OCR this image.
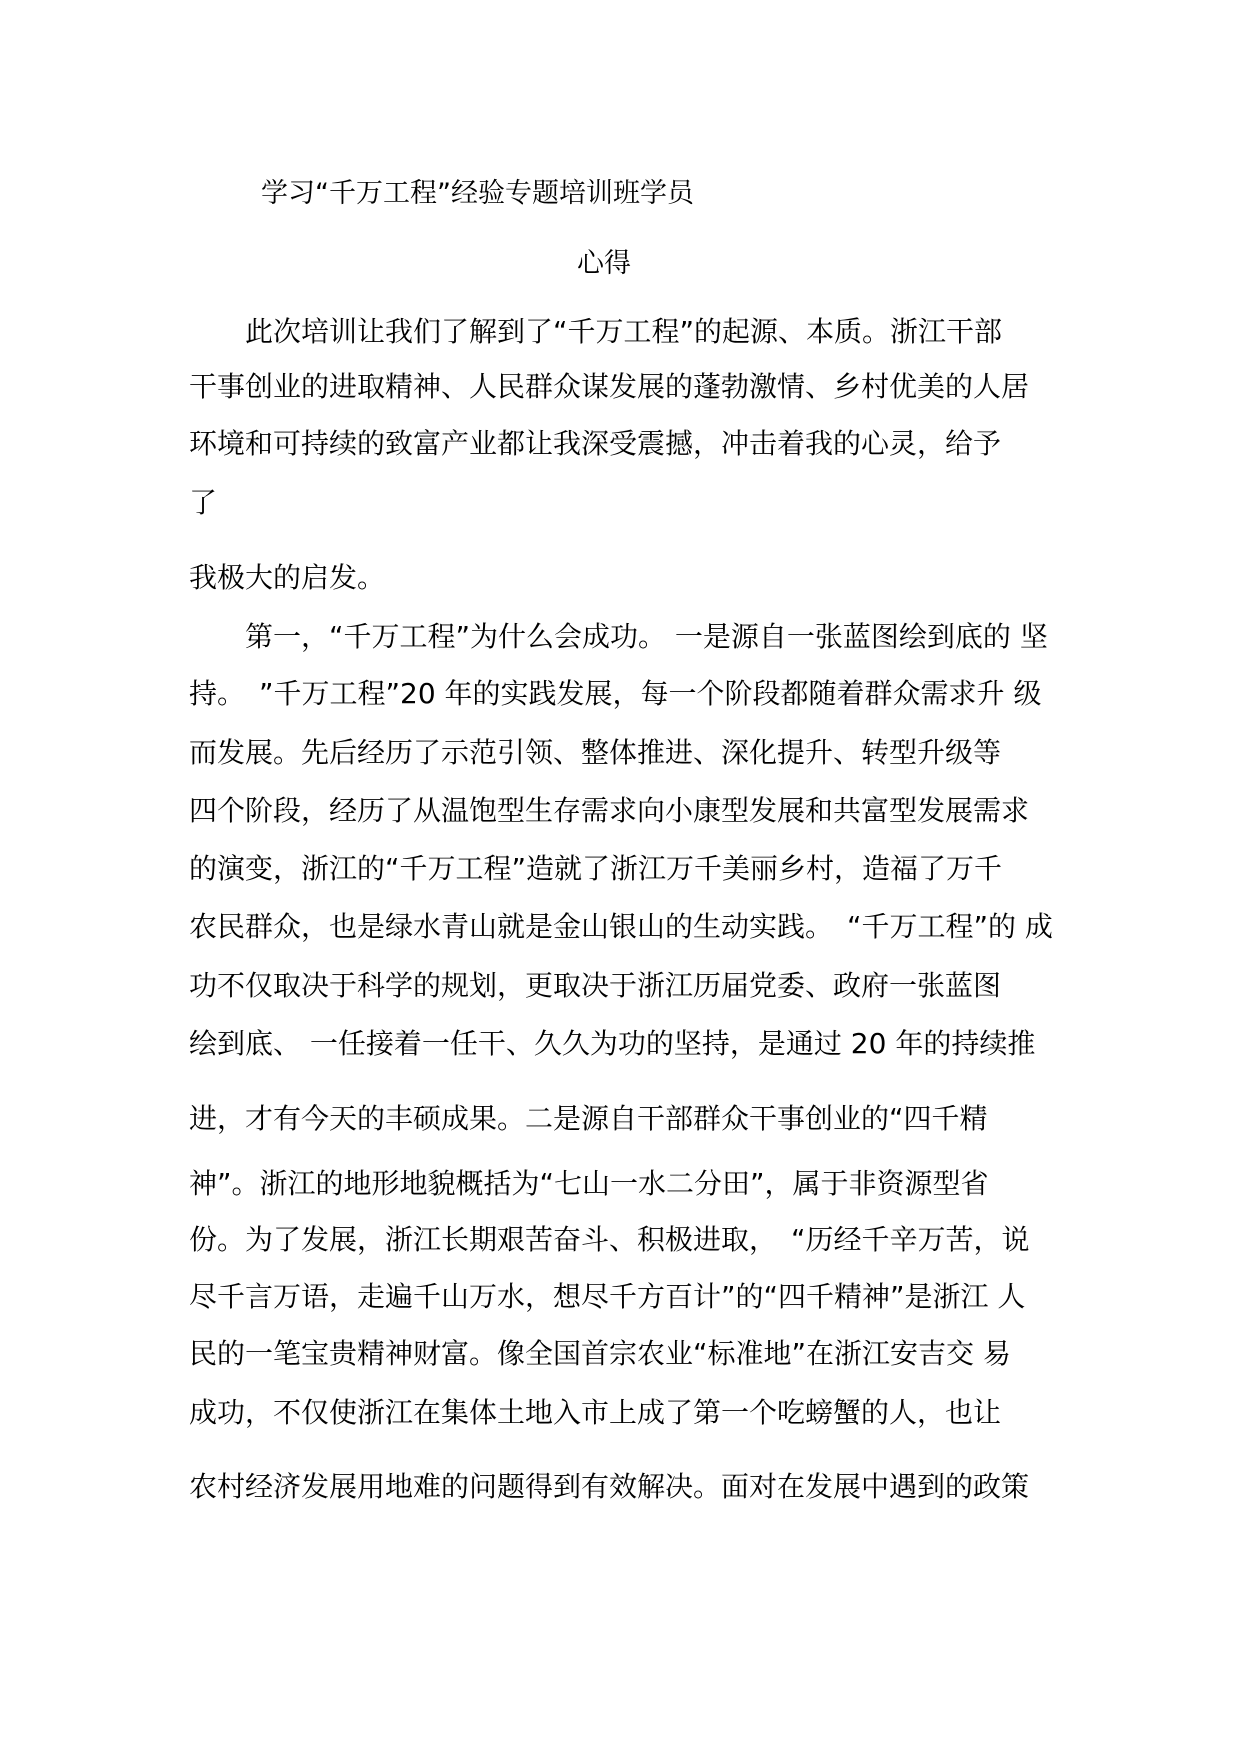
学习“千万工程”经验专题培训班学员
心得
　　此次培训让我们了解到了“千万工程”的起源、本质。浙江干部
干事创业的进取精神、人民群众谋发展的蓬勃激情、乡村优美的人居
环境和可持续的致富产业都让我深受震撼，冲击着我的心灵，给予
了
我极大的启发。
　　第一，“千万工程”为什么会成功。 一是源自一张蓝图绘到底的 坚
持。　”千万工程”20 年的实践发展，每一个阶段都随着群众需求升 级
而发展。先后经历了示范引领、整体推进、深化提升、转型升级等
四个阶段，经历了从温饱型生存需求向小康型发展和共富型发展需求
的演变，浙江的“千万工程”造就了浙江万千美丽乡村，造福了万千
农民群众，也是绿水青山就是金山银山的生动实践。　“千万工程”的 成
功不仅取决于科学的规划，更取决于浙江历届党委、政府一张蓝图
绘到底、 一任接着一任干、久久为功的坚持，是通过 20 年的持续推
进，才有今天的丰硕成果。二是源自干部群众干事创业的“四千精
神”。浙江的地形地貌概括为“七山一水二分田”，属于非资源型省
份。为了发展，浙江长期艰苦奋斗、积极进取，　“历经千辛万苦，说
尽千言万语，走遍千山万水，想尽千方百计”的“四千精神”是浙江 人
民的一笔宝贵精神财富。像全国首宗农业“标准地”在浙江安吉交 易
成功，不仅使浙江在集体土地入市上成了第一个吃螃蟹的人，也让
农村经济发展用地难的问题得到有效解决。面对在发展中遇到的政策
